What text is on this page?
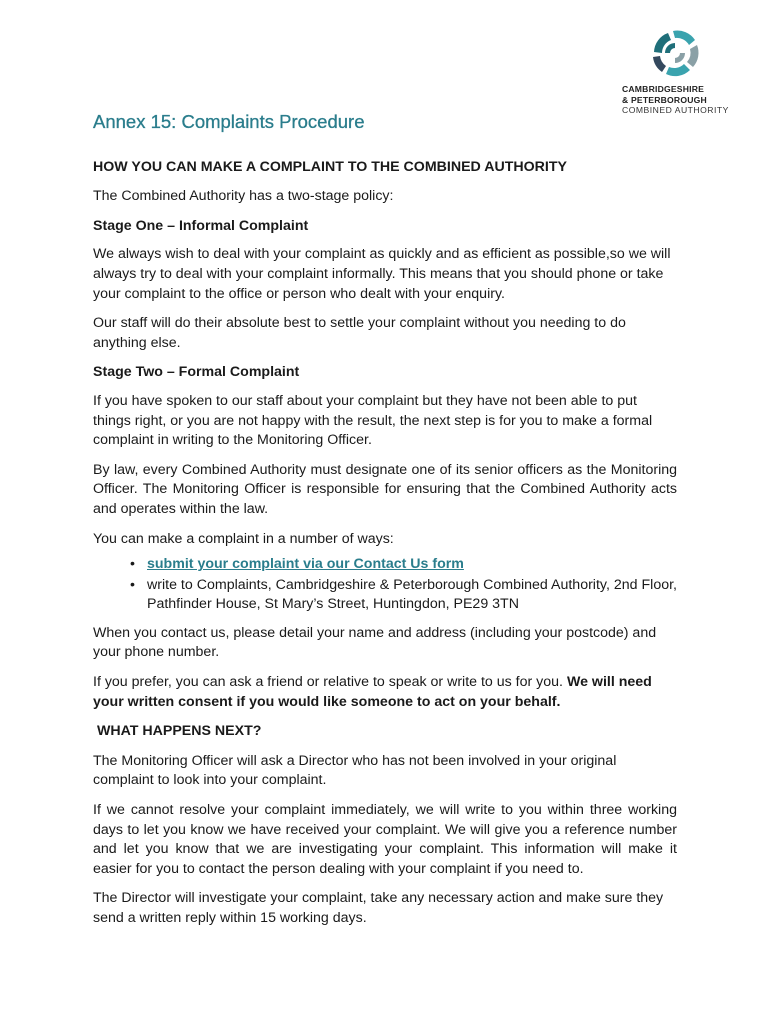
CAMBRIDGESHIRE
& PETERBOROUGH
COMBINED AUTHORITY
Annex 15: Complaints Procedure
HOW YOU CAN MAKE A COMPLAINT TO THE COMBINED AUTHORITY

The Combined Authority has a two-stage policy:

Stage One – Informal Complaint

We always wish to deal with your complaint as quickly and as efficient as possible,so we will always try to deal with your complaint informally. This means that you should phone or take your complaint to the office or person who dealt with your enquiry.

Our staff will do their absolute best to settle your complaint without you needing to do anything else.

Stage Two – Formal Complaint

If you have spoken to our staff about your complaint but they have not been able to put things right, or you are not happy with the result, the next step is for you to make a formal complaint in writing to the Monitoring Officer.

By law, every Combined Authority must designate one of its senior officers as the Monitoring Officer. The Monitoring Officer is responsible for ensuring that the Combined Authority acts and operates within the law.

You can make a complaint in a number of ways:

• submit your complaint via our Contact Us form
• write to Complaints, Cambridgeshire & Peterborough Combined Authority, 2nd Floor, Pathfinder House, St Mary’s Street, Huntingdon, PE29 3TN

When you contact us, please detail your name and address (including your postcode) and your phone number.

If you prefer, you can ask a friend or relative to speak or write to us for you. We will need your written consent if you would like someone to act on your behalf.

WHAT HAPPENS NEXT?

The Monitoring Officer will ask a Director who has not been involved in your original complaint to look into your complaint.

If we cannot resolve your complaint immediately, we will write to you within three working days to let you know we have received your complaint. We will give you a reference number and let you know that we are investigating your complaint. This information will make it easier for you to contact the person dealing with your complaint if you need to.

The Director will investigate your complaint, take any necessary action and make sure they send a written reply within 15 working days.
